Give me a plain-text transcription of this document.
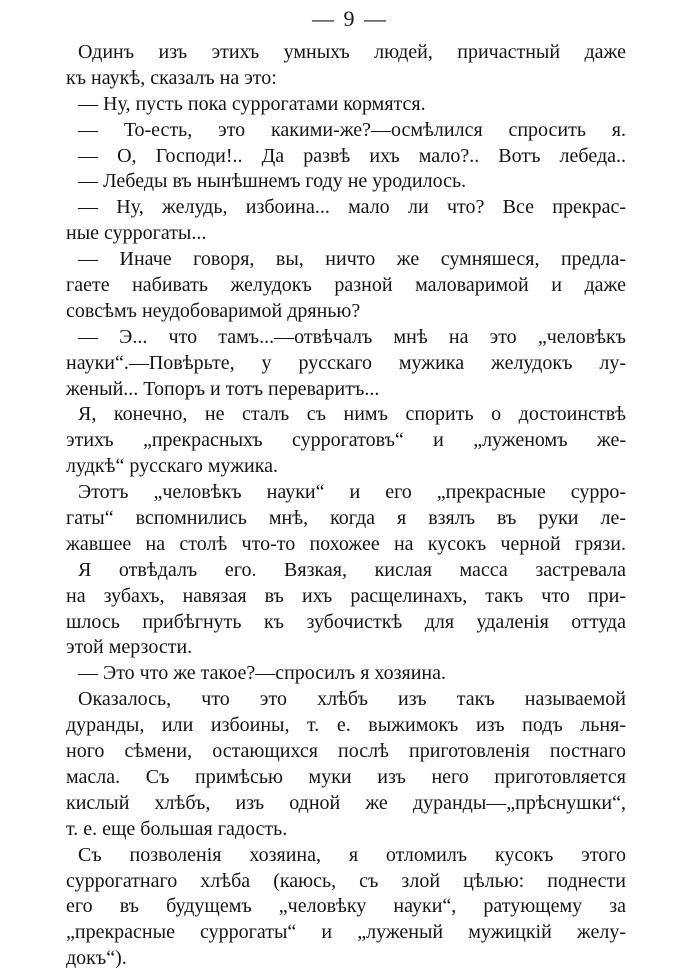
— 9 —
Одинъ изъ этихъ умныхъ людей, причастный даже
къ наукѣ, сказалъ на это:
— Ну, пусть пока суррогатами кормятся.
— То-есть, это какими-же?—осмѣлился спросить я.
— О, Господи!.. Да развѣ ихъ мало?.. Вотъ лебеда..
— Лебеды въ нынѣшнемъ году не уродилось.
— Ну, желудь, избоина... мало ли что? Все прекрас-
ные суррогаты...
— Иначе говоря, вы, ничто же сумняшеся, предла-
гаете набивать желудокъ разной маловаримой и даже
совсѣмъ неудобоваримой дрянью?
— Э... что тамъ...—отвѣчалъ мнѣ на это „человѣкъ
науки“.—Повѣрьте, у русскаго мужика желудокъ лу-
женый... Топоръ и тотъ переваритъ...
Я, конечно, не сталъ съ нимъ спорить о достоинствѣ
этихъ „прекрасныхъ суррогатовъ“ и „луженомъ же-
лудкѣ“ русскаго мужика.
Этотъ „человѣкъ науки“ и его „прекрасные сурро-
гаты“ вспомнились мнѣ, когда я взялъ въ руки ле-
жавшее на столѣ что-то похожее на кусокъ черной грязи.
Я отвѣдалъ его. Вязкая, кислая масса застревала
на зубахъ, навязая въ ихъ расщелинахъ, такъ что при-
шлось прибѣгнуть къ зубочисткѣ для удаленія оттуда
этой мерзости.
— Это что же такое?—спросилъ я хозяина.
Оказалось, что это хлѣбъ изъ такъ называемой
дуранды, или избоины, т. е. выжимокъ изъ подъ льня-
ного сѣмени, остающихся послѣ приготовленія постнаго
масла. Съ примѣсью муки изъ него приготовляется
кислый хлѣбъ, изъ одной же дуранды—„прѣснушки“,
т. е. еще большая гадость.
Съ позволенія хозяина, я отломилъ кусокъ этого
суррогатнаго хлѣба (каюсь, съ злой цѣлью: поднести
его въ будущемъ „человѣку науки“, ратующему за
„прекрасные суррогаты“ и „луженый мужицкій желу-
докъ“).
